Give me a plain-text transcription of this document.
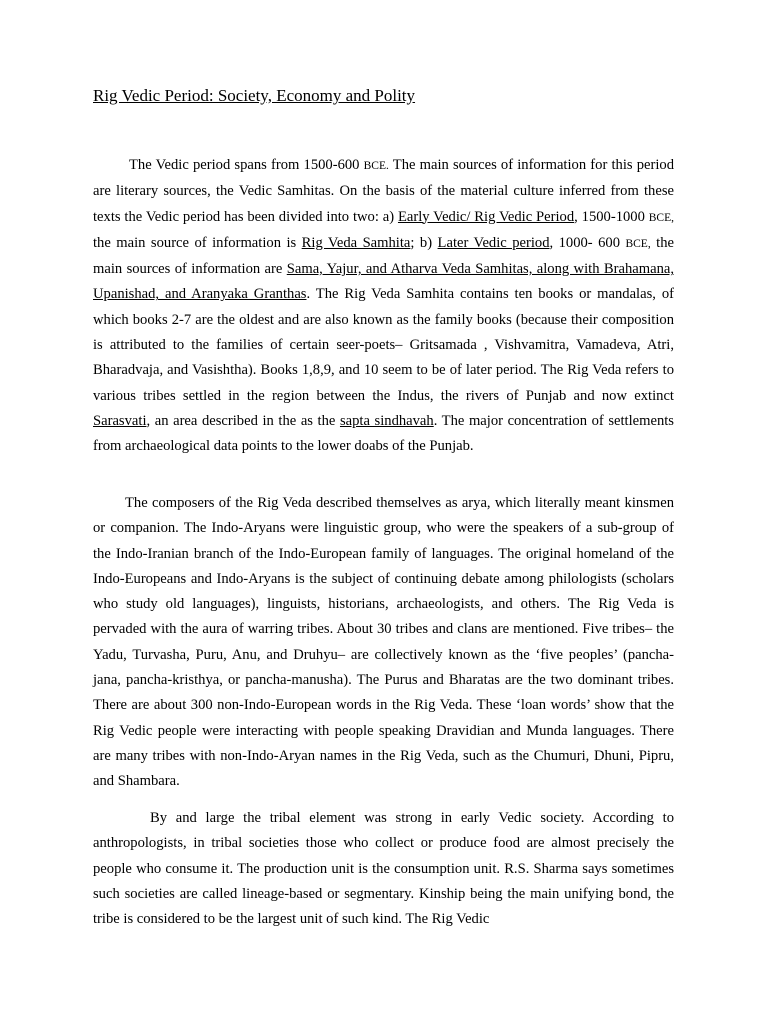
Rig Vedic Period: Society, Economy and Polity

The Vedic period spans from 1500-600 BCE. The main sources of information for this period are literary sources, the Vedic Samhitas. On the basis of the material culture inferred from these texts the Vedic period has been divided into two: a) Early Vedic/ Rig Vedic Period, 1500-1000 BCE, the main source of information is Rig Veda Samhita; b) Later Vedic period, 1000- 600 BCE, the main sources of information are Sama, Yajur, and Atharva Veda Samhitas, along with Brahamana, Upanishad, and Aranyaka Granthas. The Rig Veda Samhita contains ten books or mandalas, of which books 2-7 are the oldest and are also known as the family books (because their composition is attributed to the families of certain seer-poets– Gritsamada , Vishvamitra, Vamadeva, Atri, Bharadvaja, and Vasishtha). Books 1,8,9, and 10 seem to be of later period. The Rig Veda refers to various tribes settled in the region between the Indus, the rivers of Punjab and now extinct Sarasvati, an area described in the as the sapta sindhavah. The major concentration of settlements from archaeological data points to the lower doabs of the Punjab.

The composers of the Rig Veda described themselves as arya, which literally meant kinsmen or companion. The Indo-Aryans were linguistic group, who were the speakers of a sub-group of the Indo-Iranian branch of the Indo-European family of languages. The original homeland of the Indo-Europeans and Indo-Aryans is the subject of continuing debate among philologists (scholars who study old languages), linguists, historians, archaeologists, and others. The Rig Veda is pervaded with the aura of warring tribes. About 30 tribes and clans are mentioned. Five tribes– the Yadu, Turvasha, Puru, Anu, and Druhyu– are collectively known as the ‘five peoples’ (pancha-jana, pancha-kristhya, or pancha-manusha). The Purus and Bharatas are the two dominant tribes. There are about 300 non-Indo-European words in the Rig Veda. These ‘loan words’ show that the Rig Vedic people were interacting with people speaking Dravidian and Munda languages. There are many tribes with non-Indo-Aryan names in the Rig Veda, such as the Chumuri, Dhuni, Pipru, and Shambara.

By and large the tribal element was strong in early Vedic society. According to anthropologists, in tribal societies those who collect or produce food are almost precisely the people who consume it. The production unit is the consumption unit. R.S. Sharma says sometimes such societies are called lineage-based or segmentary. Kinship being the main unifying bond, the tribe is considered to be the largest unit of such kind. The Rig Vedic
